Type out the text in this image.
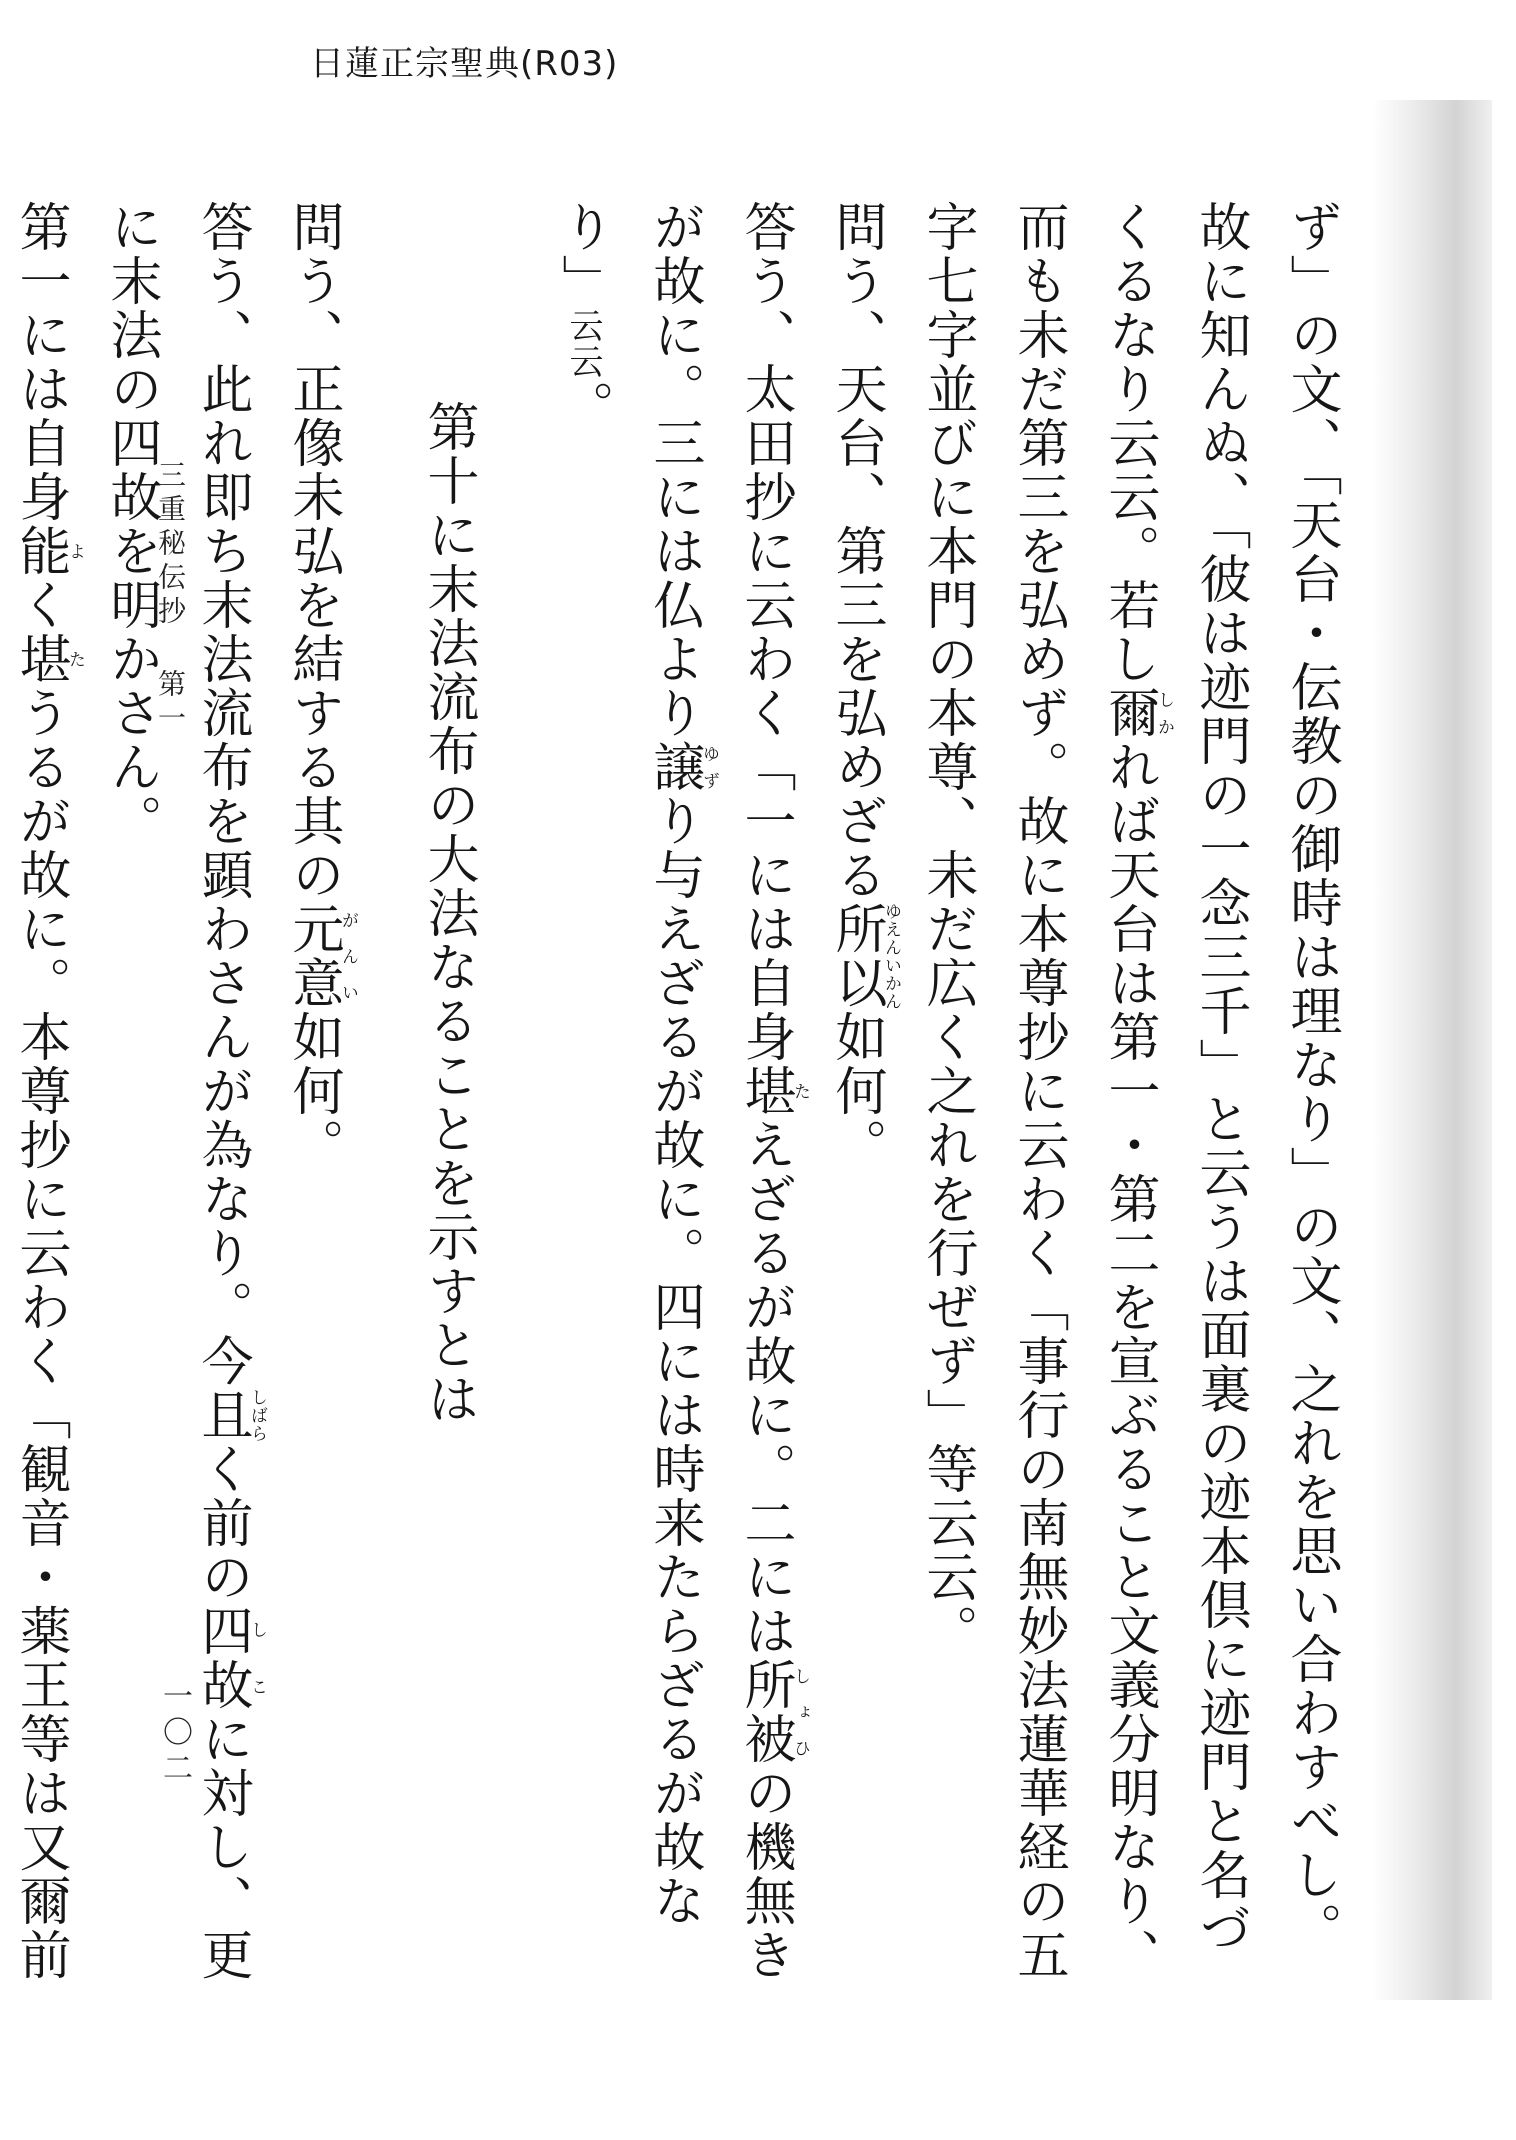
日蓮正宗聖典(R03)

ず」の文、「天台・伝教の御時は理なり」の文、之れを思い合わすべし。故に知んぬ、「彼は迹門の一念三千」と云うは面裏の迹本倶に迹門と名づくるなり云云。若し爾しかれば天台は第一・第二を宣ぶること文義分明なり、而も未だ第三を弘めず。故に本尊抄に云わく「事行の南無妙法蓮華経の五字七字並びに本門の本尊、未だ広く之れを行ぜず」等云云。

問う、天台、第三を弘めざる所以ゆえんいかん如何。

答う、太田抄に云わく「一には自身堪たえざるが故に。二には所被しょひの機無きが故に。三には仏より譲ゆずり与えざるが故に。四には時来たらざるが故なり」云云。

第十に末法流布の大法なることを示すとは

問う、正像未弘を結する其の元意がんい如何。

答う、此れ即ち末法流布を顕わさんが為なり。今且しばらく前の四故しこに対し、更に末法の四故を明かさん。

第一には自身能よく堪たうるが故に。本尊抄に云わく「観音・薬王等は又爾前

三重秘伝抄 第一
一〇二
